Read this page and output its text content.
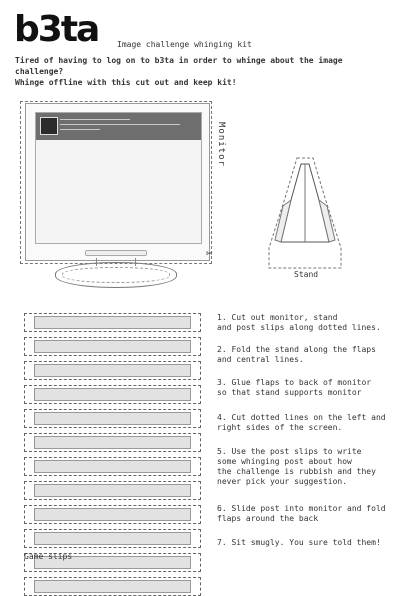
b3ta Image challenge whinging kit
Tired of having to log on to b3ta in order to whinge about the image
challenge?
Whinge offline with this cut out and keep kit!
Monitor
✂
Stand
Game slips
1. Cut out monitor, stand
and post slips along dotted lines.
2. Fold the stand along the flaps
and central lines.
3. Glue flaps to back of monitor
so that stand supports monitor
4. Cut dotted lines on the left and
right sides of the screen.
5. Use the post slips to write
some whinging post about how
the challenge is rubbish and they
never pick your suggestion.
6. Slide post into monitor and fold
flaps around the back
7. Sit smugly. You sure told them!
